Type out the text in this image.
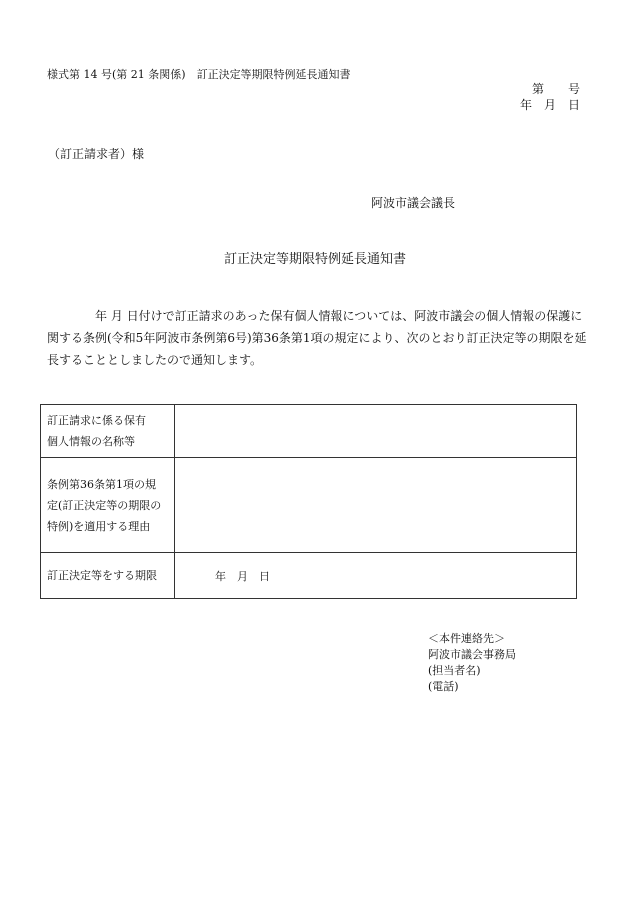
様式第 14 号(第 21 条関係)　訂正決定等期限特例延長通知書
第　　号
年　月　日
（訂正請求者）様
阿波市議会議長
訂正決定等期限特例延長通知書
年 月 日付けで訂正請求のあった保有個人情報については、阿波市議会の個人情報の保護に
関する条例(令和5年阿波市条例第6号)第36条第1項の規定により、次のとおり訂正決定等の期限を延
長することとしましたので通知します。
訂正請求に係る保有
個人情報の名称等	

条例第36条第1項の規
定(訂正決定等の期限の
特例)を適用する理由	

訂正決定等をする期限	年　月　日
＜本件連絡先＞
阿波市議会事務局
(担当者名)
(電話)
